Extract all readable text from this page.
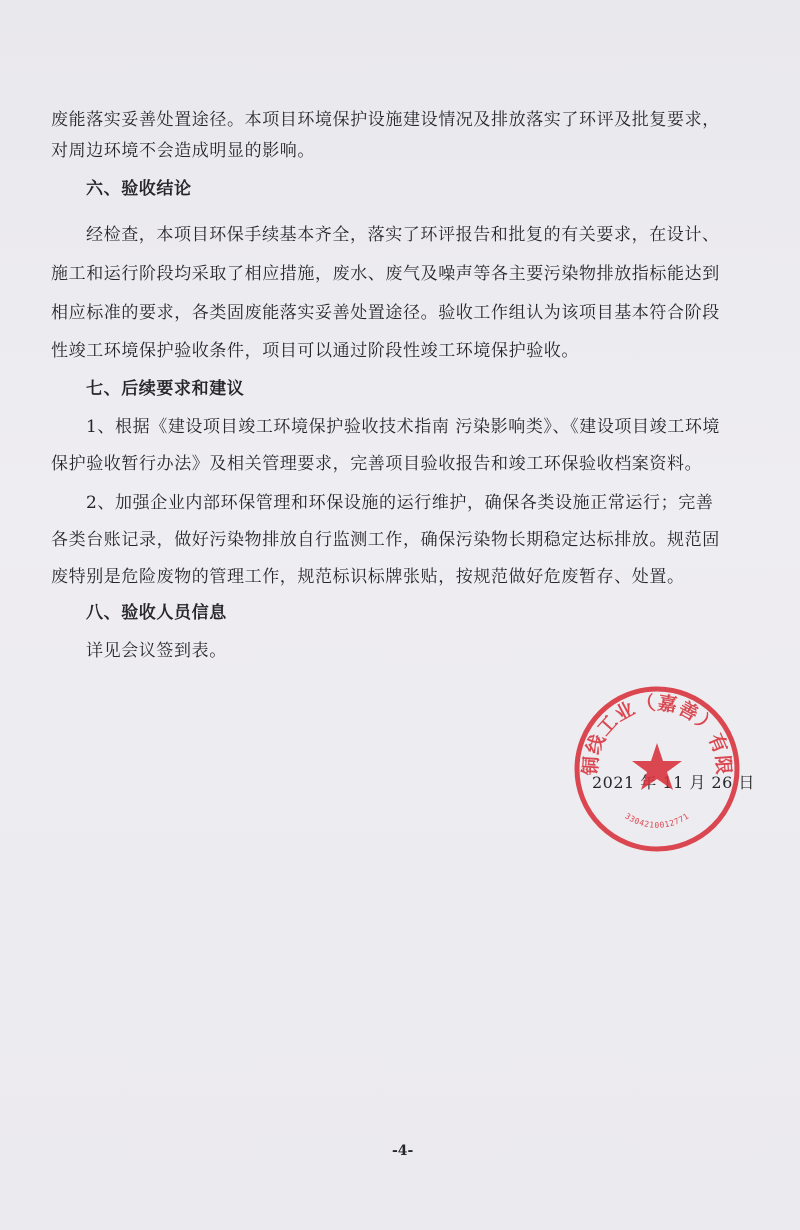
废能落实妥善处置途径。本项目环境保护设施建设情况及排放落实了环评及批复要求，
对周边环境不会造成明显的影响。
六、验收结论
经检查，本项目环保手续基本齐全，落实了环评报告和批复的有关要求，在设计、
施工和运行阶段均采取了相应措施，废水、废气及噪声等各主要污染物排放指标能达到
相应标准的要求，各类固废能落实妥善处置途径。验收工作组认为该项目基本符合阶段
性竣工环境保护验收条件，项目可以通过阶段性竣工环境保护验收。
七、后续要求和建议
1、根据《建设项目竣工环境保护验收技术指南 污染影响类》、《建设项目竣工环境
保护验收暂行办法》及相关管理要求，完善项目验收报告和竣工环保验收档案资料。
2、加强企业内部环保管理和环保设施的运行维护，确保各类设施正常运行；完善
各类台账记录，做好污染物排放自行监测工作，确保污染物长期稳定达标排放。规范固
废特别是危险废物的管理工作，规范标识标牌张贴，按规范做好危废暂存、处置。
八、验收人员信息
详见会议签到表。
2021 年 11 月 26 日
金田铜线工业（嘉善）有限公司
3304210012771
-4-
